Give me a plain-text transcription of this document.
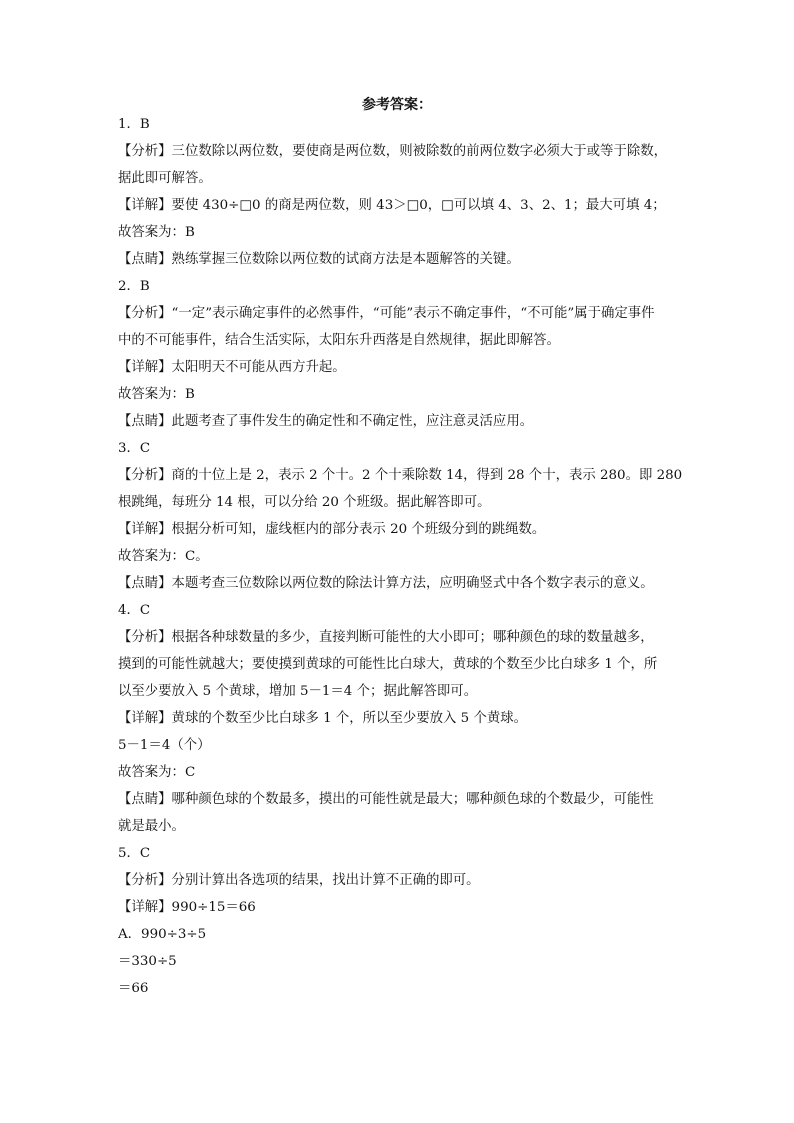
参考答案：
1．B
【分析】三位数除以两位数，要使商是两位数，则被除数的前两位数字必须大于或等于除数，
据此即可解答。
【详解】要使 430÷□0 的商是两位数，则 43＞□0，□可以填 4、3、2、1；最大可填 4；
故答案为：B
【点睛】熟练掌握三位数除以两位数的试商方法是本题解答的关键。
2．B
【分析】“一定”表示确定事件的必然事件，“可能”表示不确定事件，“不可能”属于确定事件
中的不可能事件，结合生活实际，太阳东升西落是自然规律，据此即解答。
【详解】太阳明天不可能从西方升起。
故答案为：B
【点睛】此题考查了事件发生的确定性和不确定性，应注意灵活应用。
3．C
【分析】商的十位上是 2，表示 2 个十。2 个十乘除数 14，得到 28 个十，表示 280。即 280
根跳绳，每班分 14 根，可以分给 20 个班级。据此解答即可。
【详解】根据分析可知，虚线框内的部分表示 20 个班级分到的跳绳数。
故答案为：C。
【点睛】本题考查三位数除以两位数的除法计算方法，应明确竖式中各个数字表示的意义。
4．C
【分析】根据各种球数量的多少，直接判断可能性的大小即可；哪种颜色的球的数量越多，
摸到的可能性就越大；要使摸到黄球的可能性比白球大，黄球的个数至少比白球多 1 个，所
以至少要放入 5 个黄球，增加 5－1＝4 个；据此解答即可。
【详解】黄球的个数至少比白球多 1 个，所以至少要放入 5 个黄球。
5－1＝4（个）
故答案为：C
【点睛】哪种颜色球的个数最多，摸出的可能性就是最大；哪种颜色球的个数最少，可能性
就是最小。
5．C
【分析】分别计算出各选项的结果，找出计算不正确的即可。
【详解】990÷15＝66
A．990÷3÷5
＝330÷5
＝66
